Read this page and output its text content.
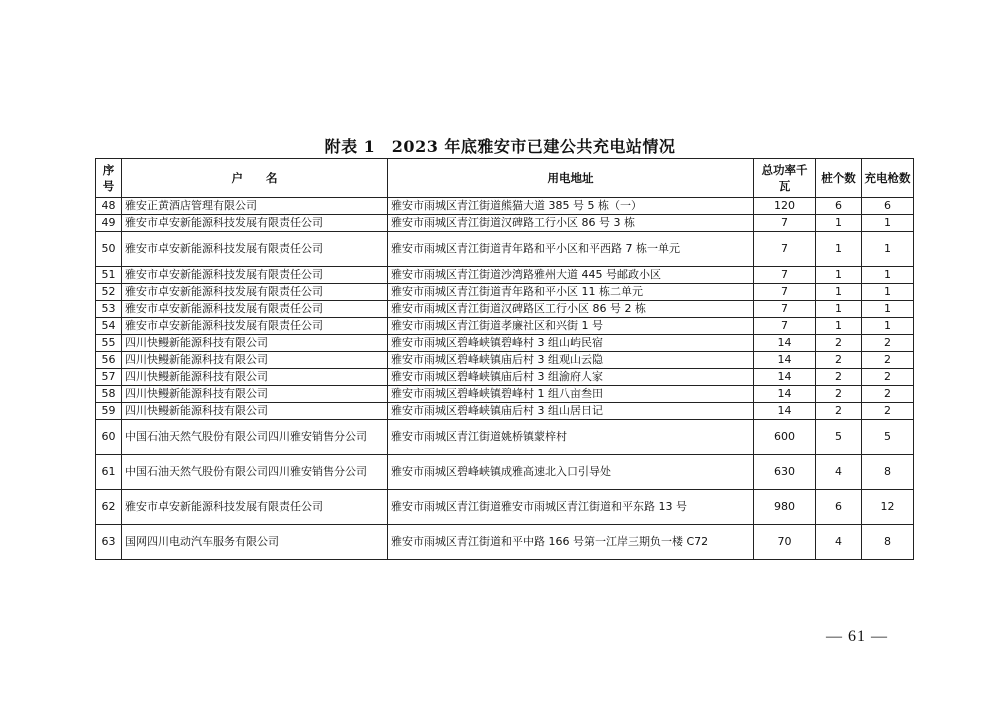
附表 1　2023 年底雅安市已建公共充电站情况
序号	户　　名	用电地址	总功率千瓦	桩个数	充电枪数
48	雅安正黄酒店管理有限公司	雅安市雨城区青江街道熊猫大道 385 号 5 栋（一）	120	6	6
49	雅安市卓安新能源科技发展有限责任公司	雅安市雨城区青江街道汉碑路工行小区 86 号 3 栋	7	1	1
50	雅安市卓安新能源科技发展有限责任公司	雅安市雨城区青江街道青年路和平小区和平西路 7 栋一单元	7	1	1
51	雅安市卓安新能源科技发展有限责任公司	雅安市雨城区青江街道沙湾路雅州大道 445 号邮政小区	7	1	1
52	雅安市卓安新能源科技发展有限责任公司	雅安市雨城区青江街道青年路和平小区 11 栋二单元	7	1	1
53	雅安市卓安新能源科技发展有限责任公司	雅安市雨城区青江街道汉碑路区工行小区 86 号 2 栋	7	1	1
54	雅安市卓安新能源科技发展有限责任公司	雅安市雨城区青江街道孝廉社区和兴街 1 号	7	1	1
55	四川快鳗新能源科技有限公司	雅安市雨城区碧峰峡镇碧峰村 3 组山屿民宿	14	2	2
56	四川快鳗新能源科技有限公司	雅安市雨城区碧峰峡镇庙后村 3 组观山云隐	14	2	2
57	四川快鳗新能源科技有限公司	雅安市雨城区碧峰峡镇庙后村 3 组渝府人家	14	2	2
58	四川快鳗新能源科技有限公司	雅安市雨城区碧峰峡镇碧峰村 1 组八亩叁田	14	2	2
59	四川快鳗新能源科技有限公司	雅安市雨城区碧峰峡镇庙后村 3 组山居日记	14	2	2
60	中国石油天然气股份有限公司四川雅安销售分公司	雅安市雨城区青江街道姚桥镇蒙梓村	600	5	5
61	中国石油天然气股份有限公司四川雅安销售分公司	雅安市雨城区碧峰峡镇成雅高速北入口引导处	630	4	8
62	雅安市卓安新能源科技发展有限责任公司	雅安市雨城区青江街道雅安市雨城区青江街道和平东路 13 号	980	6	12
63	国网四川电动汽车服务有限公司	雅安市雨城区青江街道和平中路 166 号第一江岸三期负一楼 C72	70	4	8
— 61 —
